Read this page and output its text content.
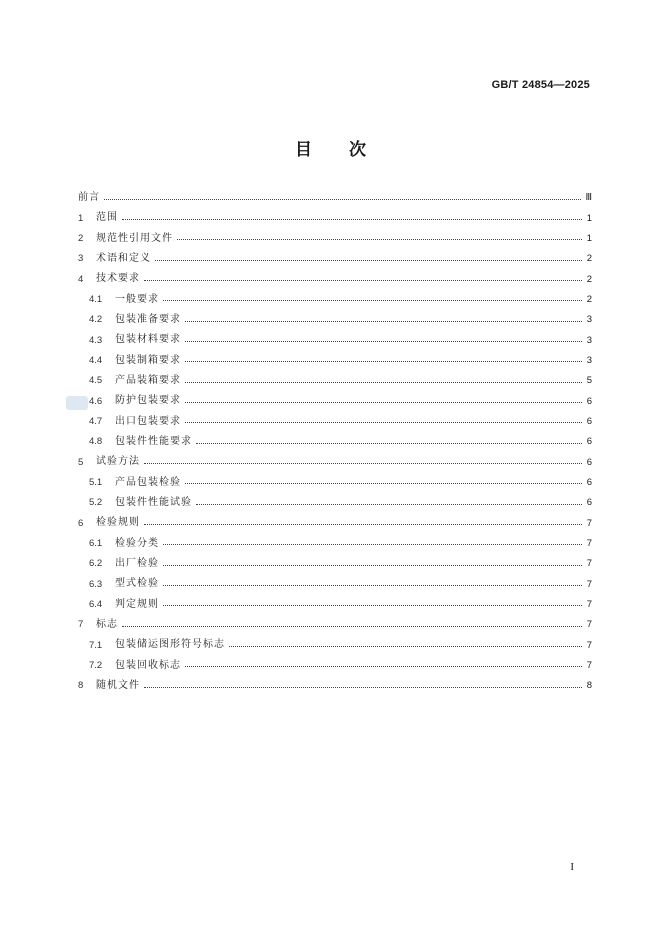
GB/T 24854—2025
目 次
前言	Ⅲ
1	范围	1
2	规范性引用文件	1
3	术语和定义	2
4	技术要求	2
4.1	一般要求	2
4.2	包装准备要求	3
4.3	包装材料要求	3
4.4	包装制箱要求	3
4.5	产品装箱要求	5
4.6	防护包装要求	6
4.7	出口包装要求	6
4.8	包装件性能要求	6
5	试验方法	6
5.1	产品包装检验	6
5.2	包装件性能试验	6
6	检验规则	7
6.1	检验分类	7
6.2	出厂检验	7
6.3	型式检验	7
6.4	判定规则	7
7	标志	7
7.1	包装储运图形符号标志	7
7.2	包装回收标志	7
8	随机文件	8
I
